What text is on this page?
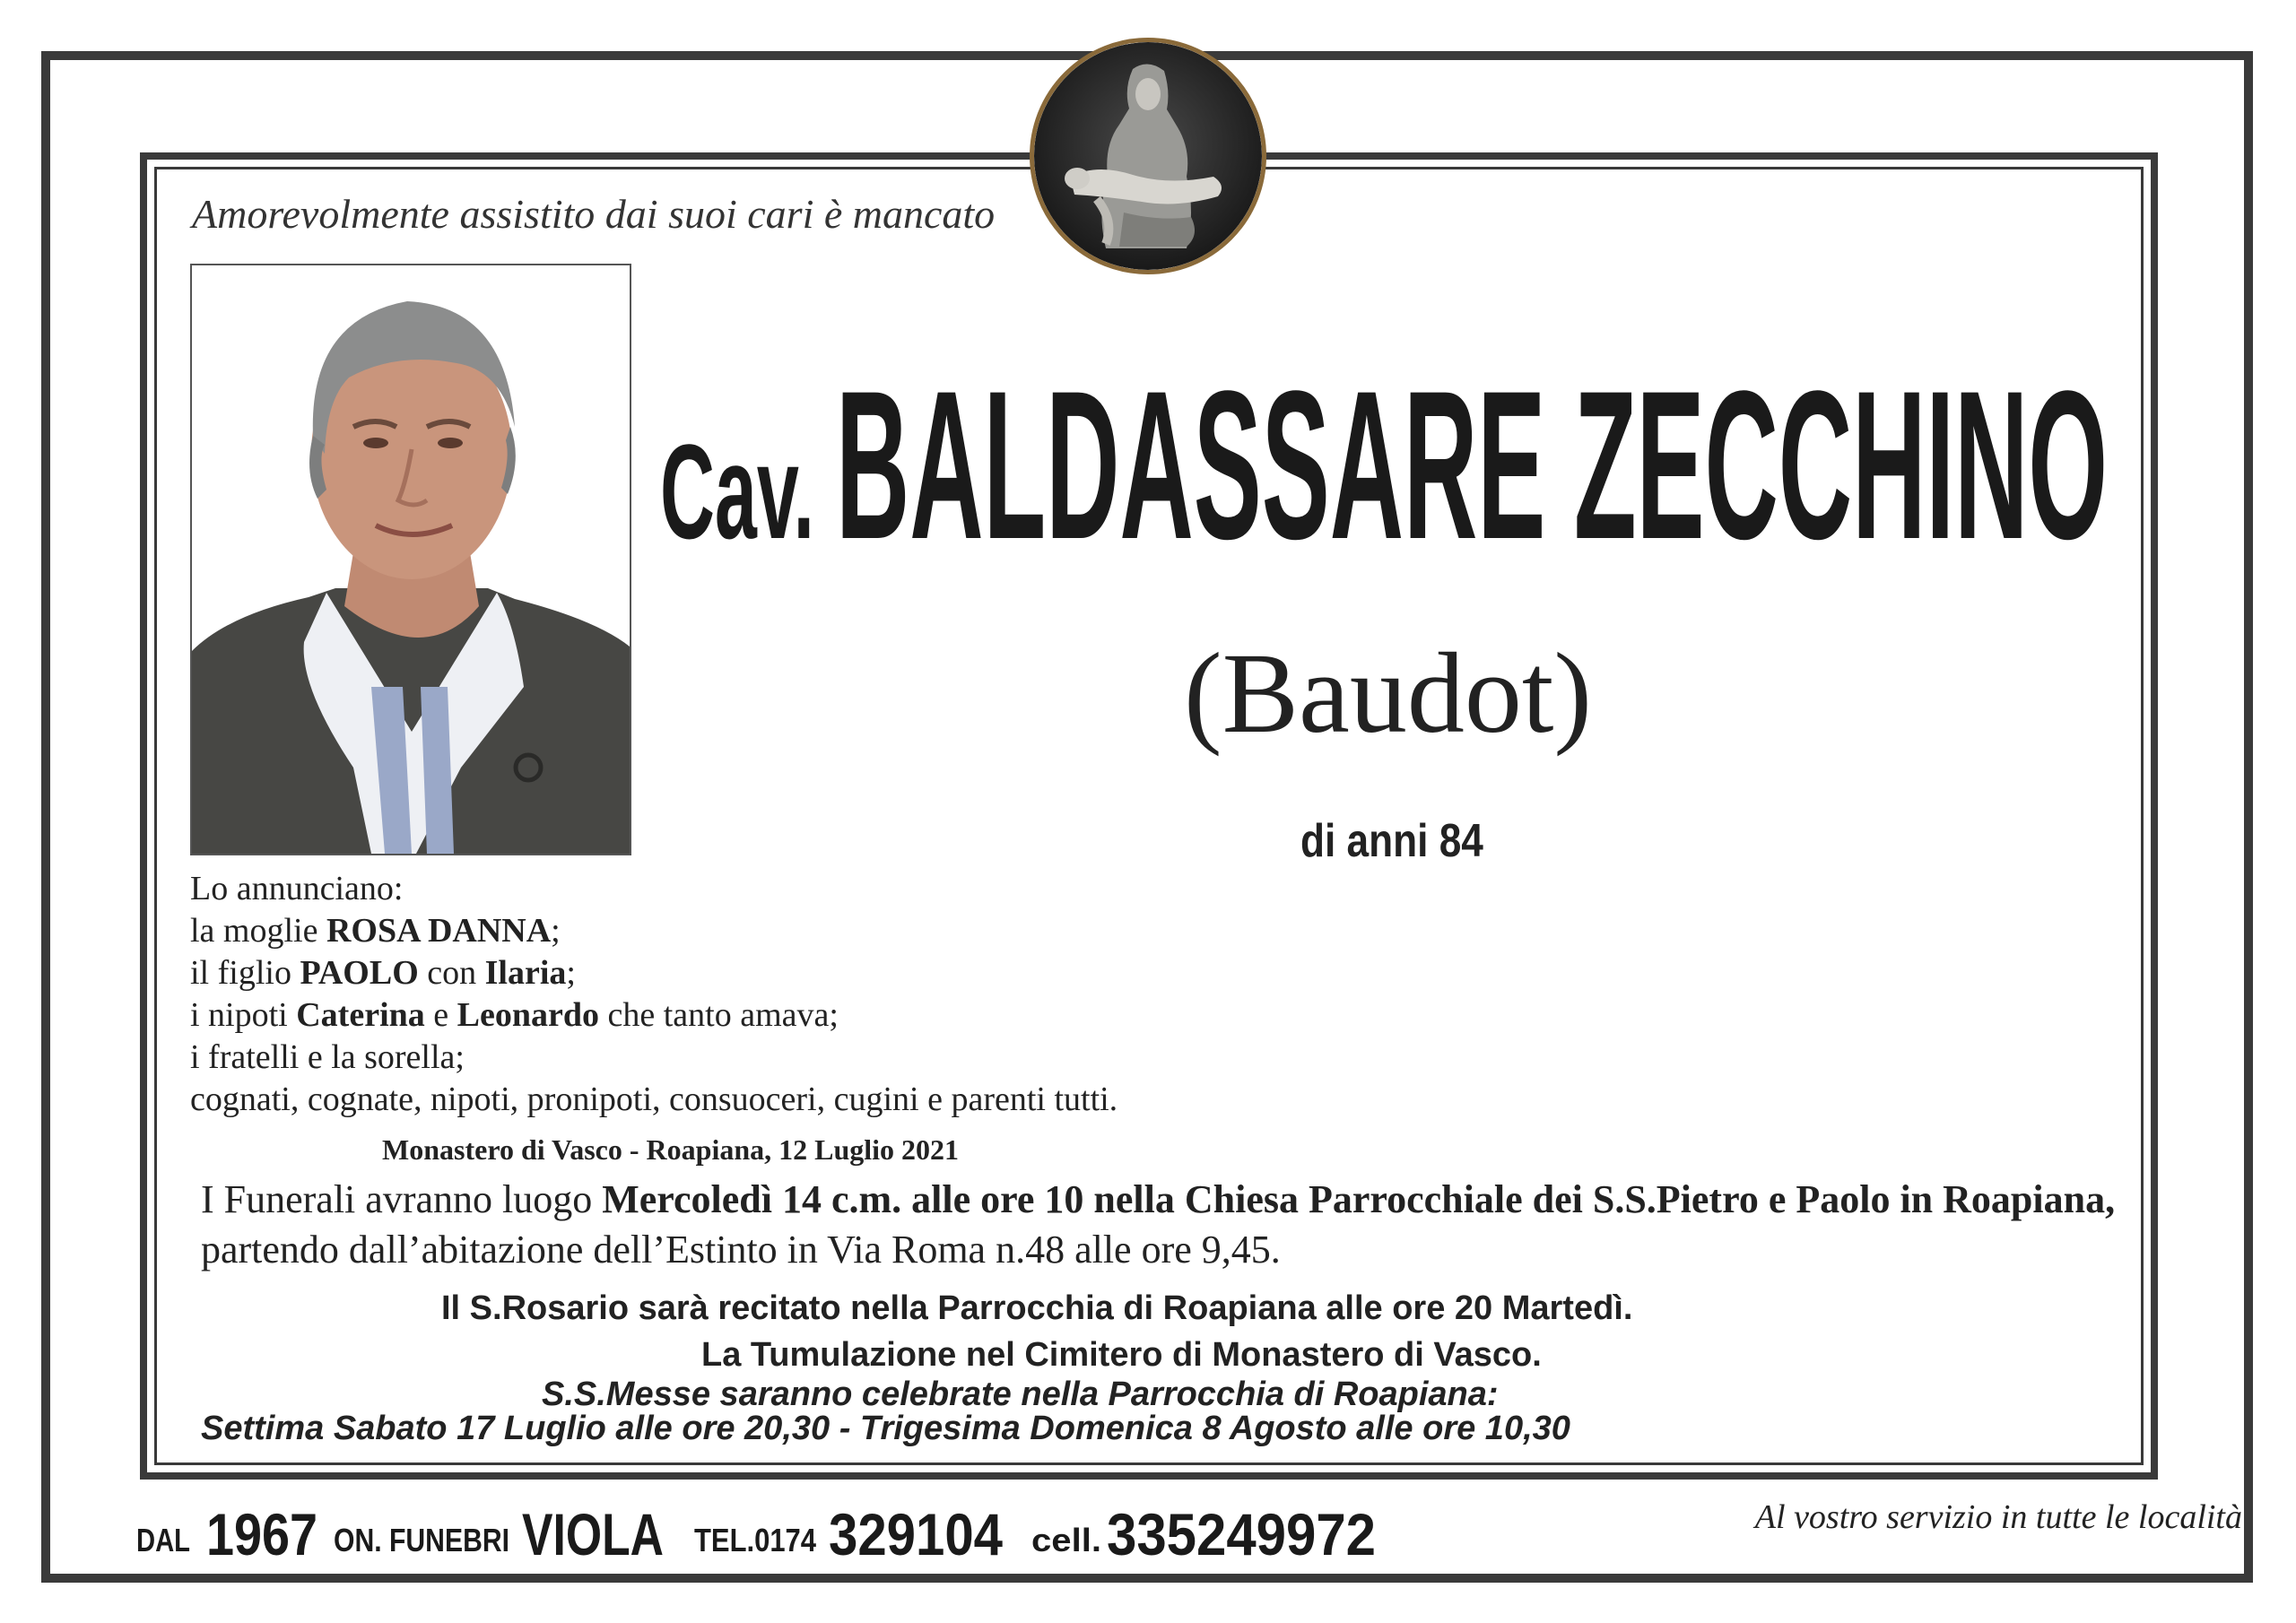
Amorevolmente assistito dai suoi cari è mancato
Cav. BALDASSARE ZECCHINO
(Baudot)
di anni 84
Lo annunciano:
la moglie ROSA DANNA;
il figlio PAOLO con Ilaria;
i nipoti Caterina e Leonardo che tanto amava;
i fratelli e la sorella;
cognati, cognate, nipoti, pronipoti, consuoceri, cugini e parenti tutti.
Monastero di Vasco - Roapiana, 12 Luglio 2021
I Funerali avranno luogo Mercoledì 14 c.m. alle ore 10 nella Chiesa Parrocchiale dei S.S.Pietro e Paolo in Roapiana,
partendo dall’abitazione dell’Estinto in Via Roma n.48 alle ore 9,45.
Il S.Rosario sarà recitato nella Parrocchia di Roapiana alle ore 20 Martedì.
La Tumulazione nel Cimitero di Monastero di Vasco.
S.S.Messe saranno celebrate nella Parrocchia di Roapiana:
Settima Sabato 17 Luglio alle ore 20,30 - Trigesima Domenica 8 Agosto alle ore 10,30
DAL 1967 ON. FUNEBRI VIOLA TEL.0174 329104 cell. 335249972	Al vostro servizio in tutte le località
